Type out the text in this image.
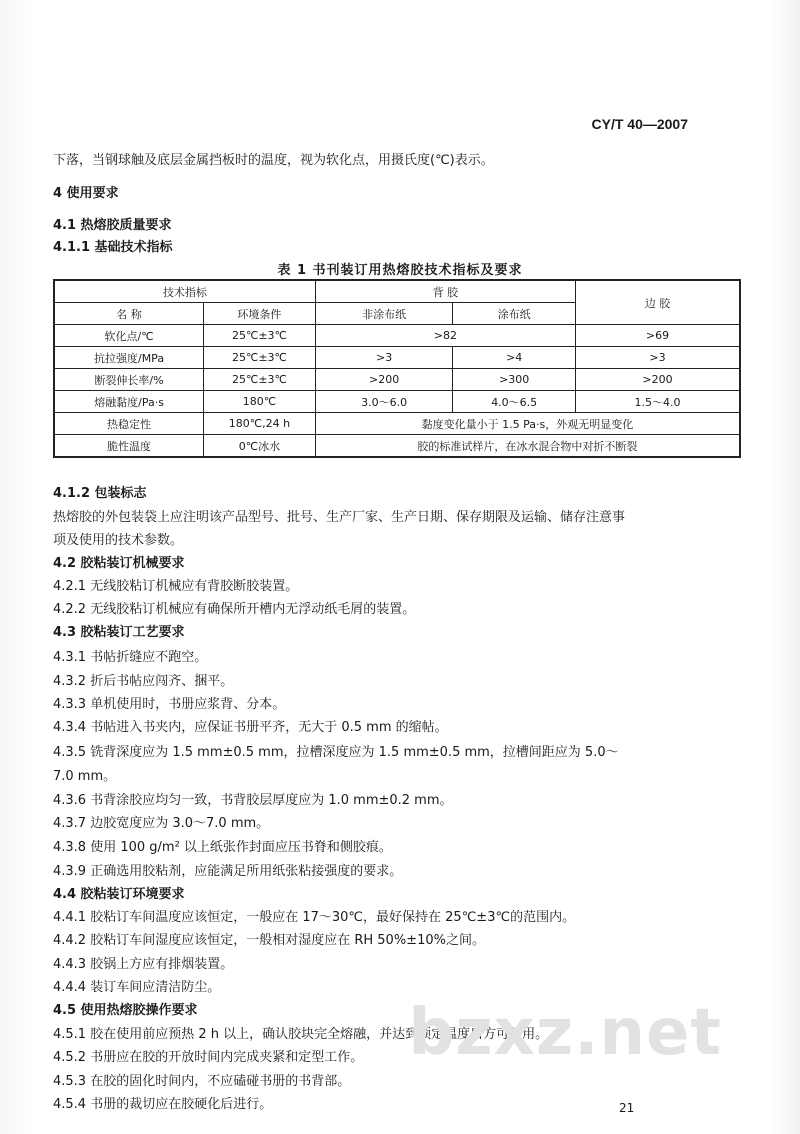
CY/T 40—2007
下落，当钢球触及底层金属挡板时的温度，视为软化点，用摄氏度(℃)表示。
4 使用要求
4.1 热熔胶质量要求
4.1.1 基础技术指标
表 1 书刊装订用热熔胶技术指标及要求
技术指标		背 胶		边 胶
名 称	环境条件	非涂布纸	涂布纸	
软化点/℃	25℃±3℃	>82		>69
抗拉强度/MPa	25℃±3℃	>3	>4	>3
断裂伸长率/%	25℃±3℃	>200	>300	>200
熔融黏度/Pa·s	180℃	3.0～6.0	4.0～6.5	1.5～4.0
热稳定性	180℃,24 h	黏度变化量小于 1.5 Pa·s，外观无明显变化		
脆性温度	0℃冰水	胶的标准试样片，在冰水混合物中对折不断裂		
4.1.2 包装标志
热熔胶的外包装袋上应注明该产品型号、批号、生产厂家、生产日期、保存期限及运输、储存注意事
项及使用的技术参数。
4.2 胶粘装订机械要求
4.2.1 无线胶粘订机械应有背胶断胶装置。
4.2.2 无线胶粘订机械应有确保所开槽内无浮动纸毛屑的装置。
4.3 胶粘装订工艺要求
4.3.1 书帖折缝应不跑空。
4.3.2 折后书帖应闯齐、捆平。
4.3.3 单机使用时，书册应浆背、分本。
4.3.4 书帖进入书夹内，应保证书册平齐，无大于 0.5 mm 的缩帖。
4.3.5 铣背深度应为 1.5 mm±0.5 mm，拉槽深度应为 1.5 mm±0.5 mm，拉槽间距应为 5.0～
7.0 mm。
4.3.6 书背涂胶应均匀一致，书背胶层厚度应为 1.0 mm±0.2 mm。
4.3.7 边胶宽度应为 3.0～7.0 mm。
4.3.8 使用 100 g/m² 以上纸张作封面应压书脊和侧胶痕。
4.3.9 正确选用胶粘剂，应能满足所用纸张粘接强度的要求。
4.4 胶粘装订环境要求
4.4.1 胶粘订车间温度应该恒定，一般应在 17～30℃，最好保持在 25℃±3℃的范围内。
4.4.2 胶粘订车间湿度应该恒定，一般相对湿度应在 RH 50%±10%之间。
4.4.3 胶锅上方应有排烟装置。
4.4.4 装订车间应清洁防尘。
4.5 使用热熔胶操作要求
4.5.1 胶在使用前应预热 2 h 以上，确认胶块完全熔融，并达到预定温度后方可使用。
4.5.2 书册应在胶的开放时间内完成夹紧和定型工作。
4.5.3 在胶的固化时间内，不应磕碰书册的书背部。
4.5.4 书册的裁切应在胶硬化后进行。
bzxz.net
21
